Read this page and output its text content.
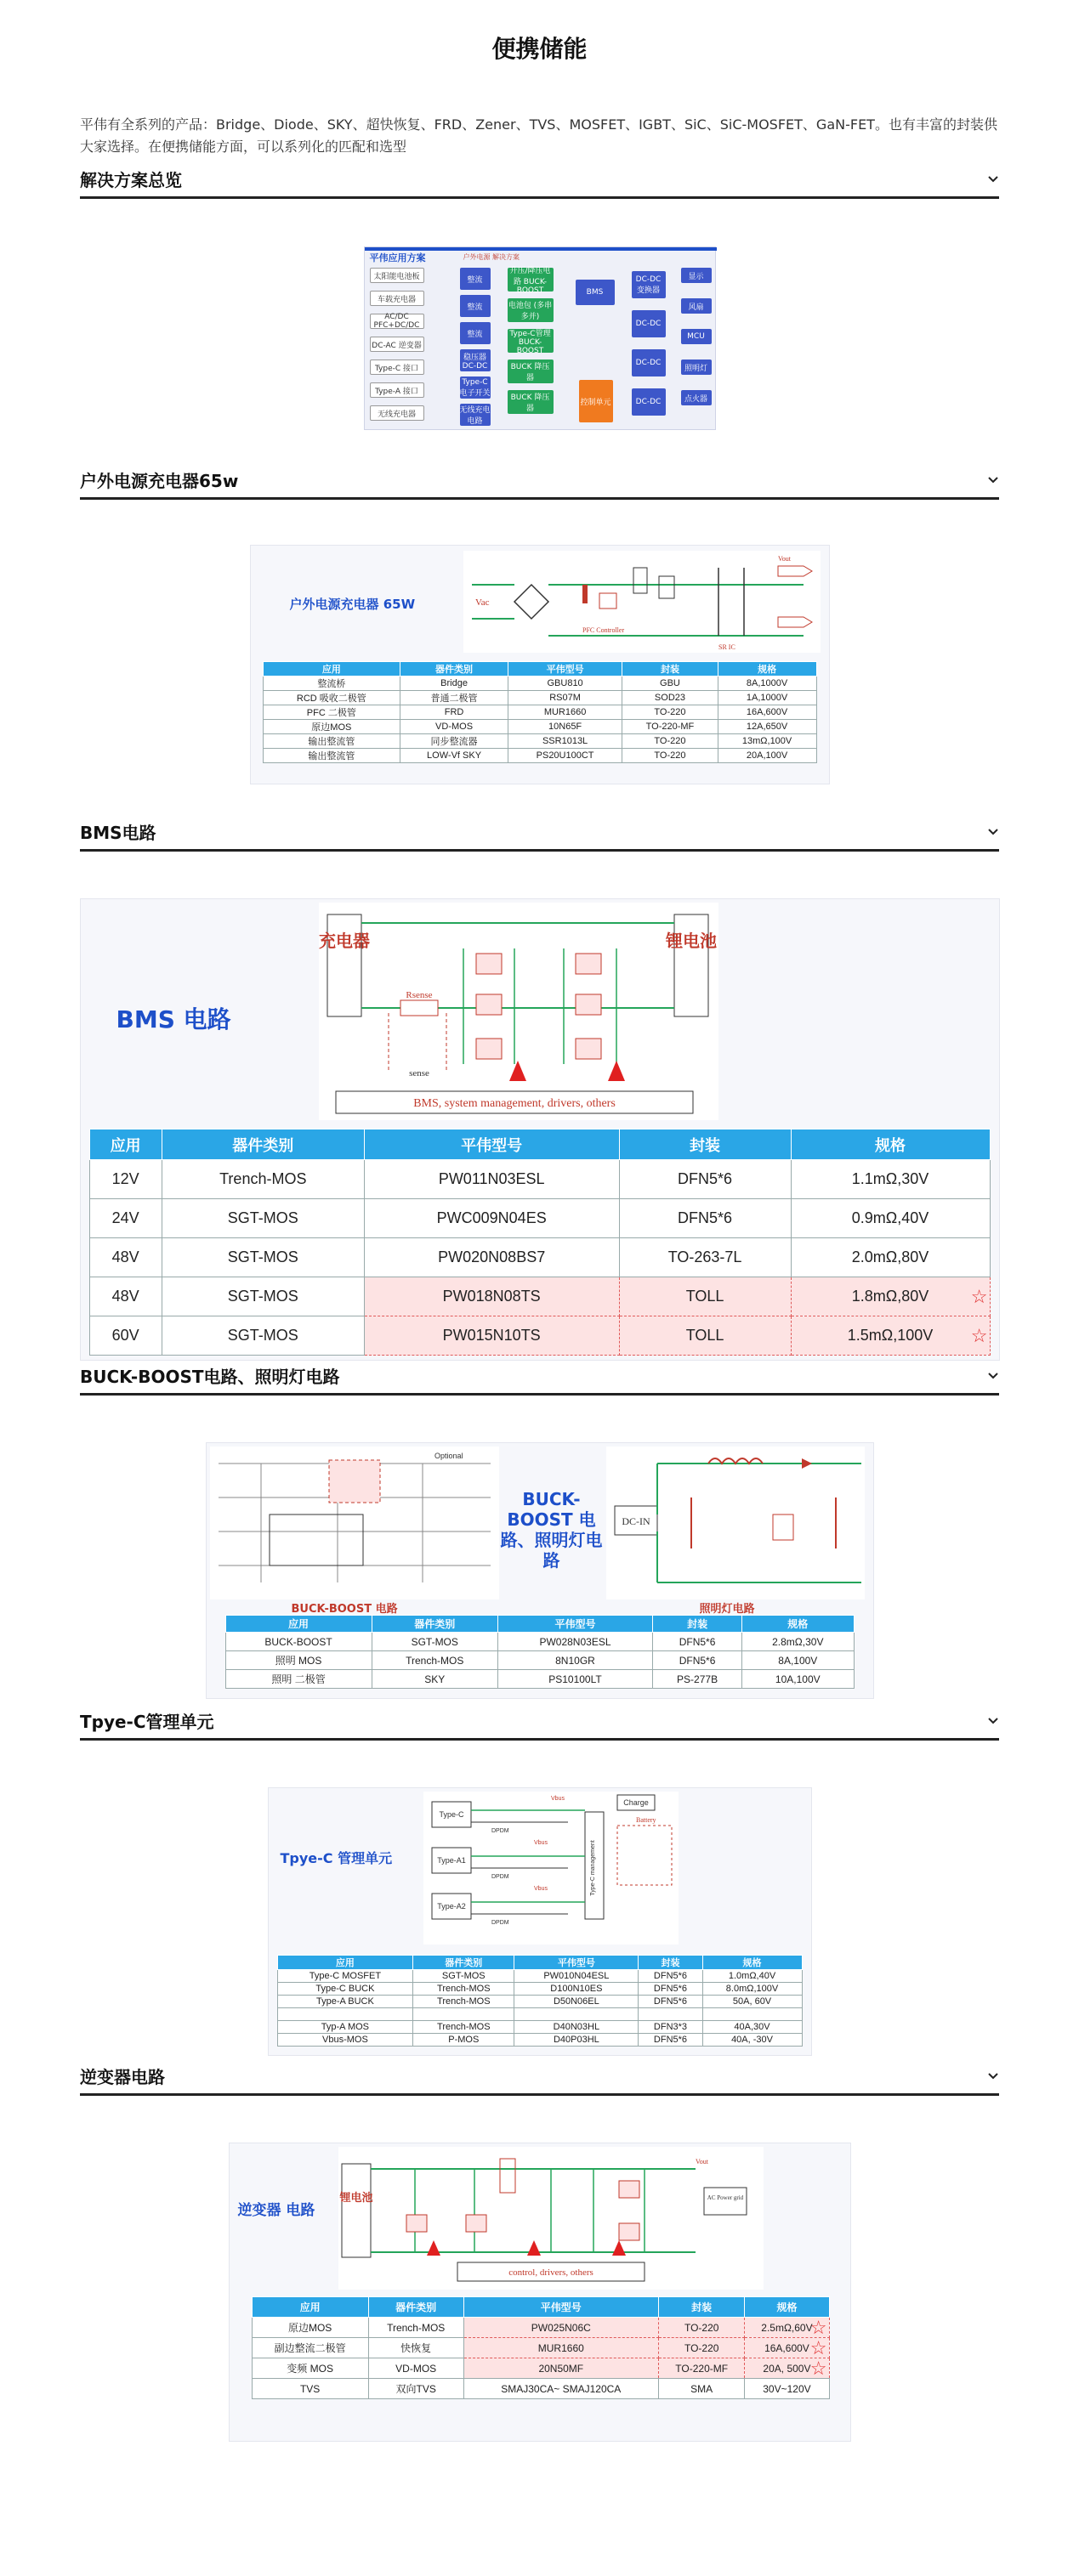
便携储能

平伟有全系列的产品：Bridge、Diode、SKY、超快恢复、FRD、Zener、TVS、MOSFET、IGBT、SiC、SiC-MOSFET、GaN-FET。也有丰富的封装供大家选择。在便携储能方面，可以系列化的匹配和选型

解决方案总览
平伟应用方案	户外电源 解决方案
太阳能电池板
车载充电器
AC/DC PFC+DC/DC
DC-AC 逆变器
Type-C 接口
Type-A 接口
无线充电器
整流
整流
整流
稳压器 DC-DC
Type-C 电子开关
无线充电 电路
升压/降压电路 BUCK-BOOST
电池包 (多串多并)
Type-C管理 BUCK-BOOST
BUCK 降压器
BUCK 降压器
BMS
控制单元
DC-DC 变换器
DC-DC
DC-DC
DC-DC
显示
风扇
MCU
照明灯
点火器
户外电源充电器65w
户外电源充电器 65W	Vac
Vout
PFC Controller
SR IC
应用	器件类别	平伟型号	封装	规格
整流桥	Bridge	GBU810	GBU	8A,1000V
RCD 吸收二极管	普通二极管	RS07M	SOD23	1A,1000V
PFC 二极管	FRD	MUR1660	TO-220	16A,600V
原边MOS	VD-MOS	10N65F	TO-220-MF	12A,650V
输出整流管	同步整流器	SSR1013L	TO-220	13mΩ,100V
输出整流管	LOW-Vf SKY	PS20U100CT	TO-220	20A,100V
BMS电路
BMS 电路
充电器	锂电池
Rsense
sense
BMS, system management, drivers, others
应用	器件类别	平伟型号	封装	规格
12V	Trench-MOS	PW011N03ESL	DFN5*6	1.1mΩ,30V
24V	SGT-MOS	PWC009N04ES	DFN5*6	0.9mΩ,40V
48V	SGT-MOS	PW020N08BS7	TO-263-7L	2.0mΩ,80V
48V	SGT-MOS	PW018N08TS	TOLL	1.8mΩ,80V ☆

60V	SGT-MOS	PW015N10TS	TOLL	1.5mΩ,100V ☆
BUCK-BOOST电路、照明灯电路
Optional
BUCK-BOOST 电路、照明灯电路
DC-IN
BUCK-BOOST 电路	照明灯电路
应用	器件类别	平伟型号	封装	规格
BUCK-BOOST	SGT-MOS	PW028N03ESL	DFN5*6	2.8mΩ,30V
照明 MOS	Trench-MOS	8N10GR	DFN5*6	8A,100V
照明 二极管	SKY	PS10100LT	PS-277B	10A,100V
Tpye-C管理单元
Tpye-C 管理单元
Type-C
Type-A1
Type-A2
Charge
Type-C management
DPDM
DPDM
DPDM
Vbus
Vbus
Vbus
Battery
应用	器件类别	平伟型号	封装	规格
Type-C MOSFET	SGT-MOS	PW010N04ESL	DFN5*6	1.0mΩ,40V
Type-C BUCK	Trench-MOS	D100N10ES	DFN5*6	8.0mΩ,100V
Type-A BUCK	Trench-MOS	D50N06EL	DFN5*6	50A, 60V

Typ-A MOS	Trench-MOS	D40N03HL	DFN3*3	40A,30V
Vbus-MOS	P-MOS	D40P03HL	DFN5*6	40A, -30V
逆变器电路
逆变器 电路
锂电池	AC Power grid
Vout
control, drivers, others
应用	器件类别	平伟型号	封装	规格
原边MOS	Trench-MOS	PW025N06C	TO-220	2.5mΩ,60V
☆

副边整流二极管	快恢复	MUR1660	TO-220	16A,600V ☆

变频 MOS	VD-MOS	20N50MF	TO-220-MF	20A, 500V ☆

TVS	双向TVS	SMAJ30CA~ SMAJ120CA	SMA	30V~120V
